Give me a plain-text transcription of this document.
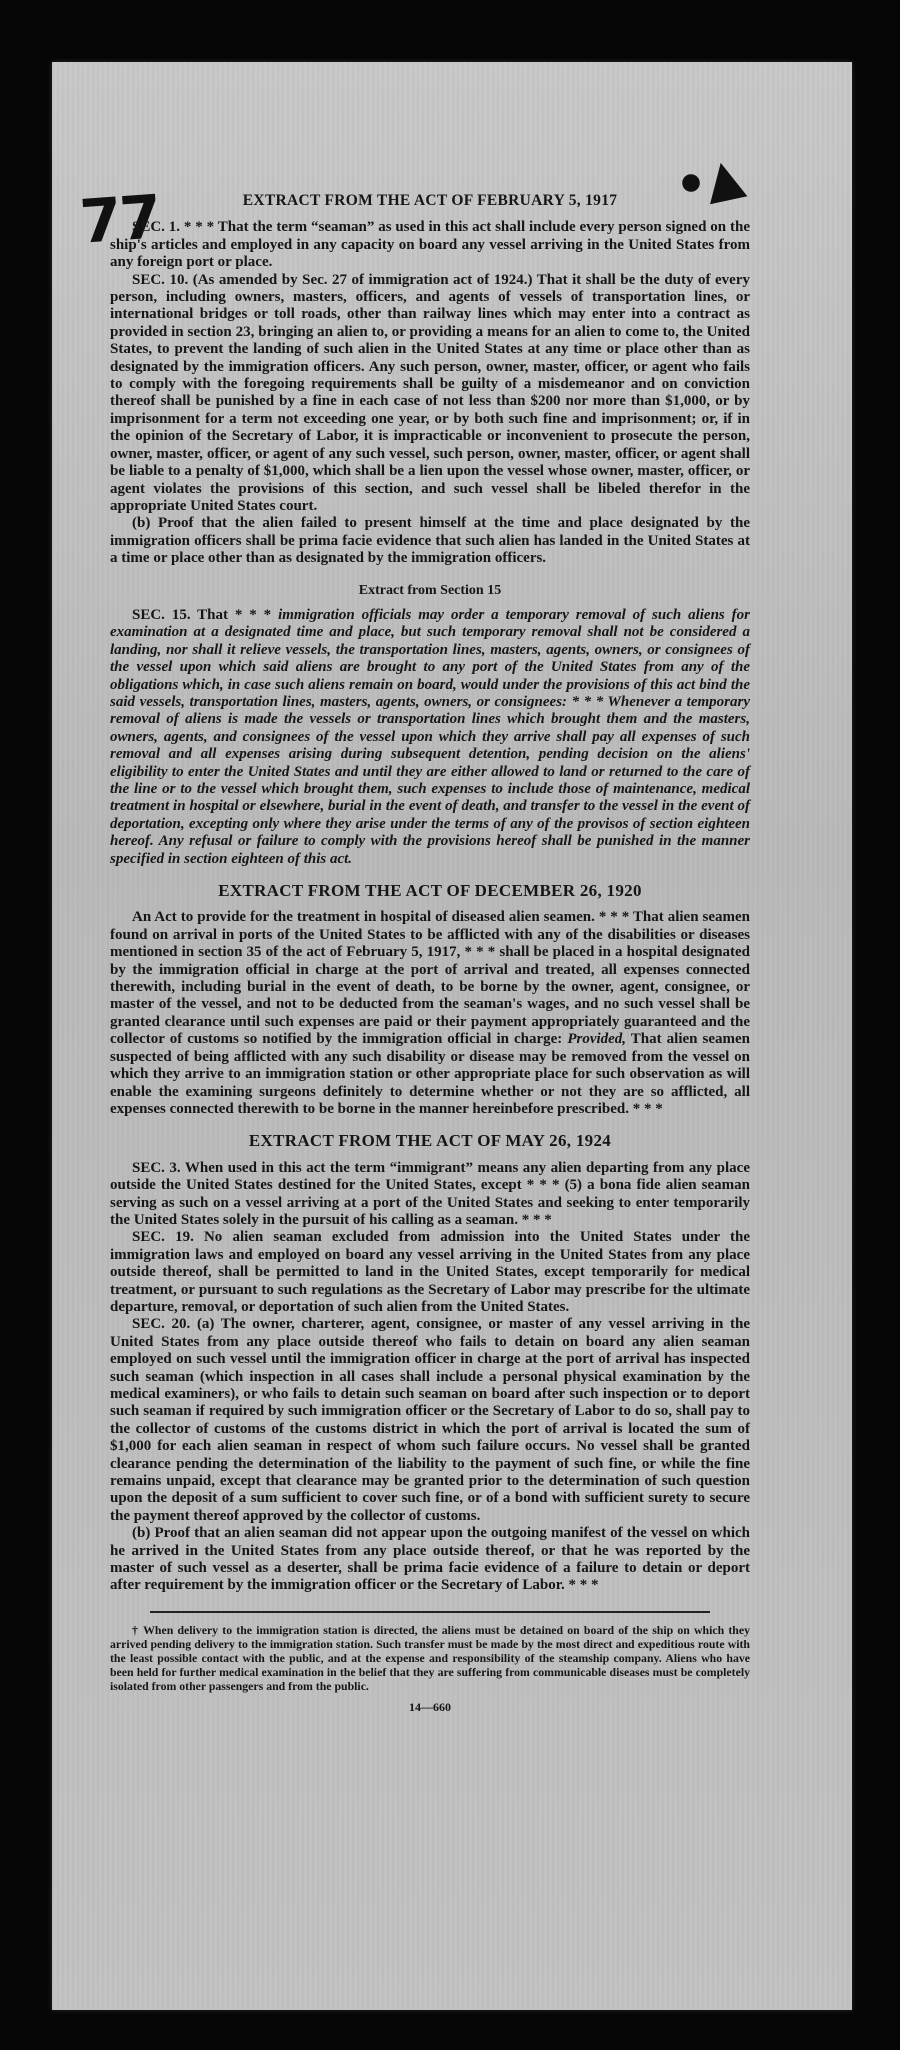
77
•▲
EXTRACT FROM THE ACT OF FEBRUARY 5, 1917

SEC. 1. * * * That the term “seaman” as used in this act shall include every person signed on the ship's articles and employed in any capacity on board any vessel arriving in the United States from any foreign port or place.

SEC. 10. (As amended by Sec. 27 of immigration act of 1924.) That it shall be the duty of every person, including owners, masters, officers, and agents of vessels of transportation lines, or international bridges or toll roads, other than railway lines which may enter into a contract as provided in section 23, bringing an alien to, or providing a means for an alien to come to, the United States, to prevent the landing of such alien in the United States at any time or place other than as designated by the immigration officers. Any such person, owner, master, officer, or agent who fails to comply with the foregoing requirements shall be guilty of a misdemeanor and on conviction thereof shall be punished by a fine in each case of not less than $200 nor more than $1,000, or by imprisonment for a term not exceeding one year, or by both such fine and imprisonment; or, if in the opinion of the Secretary of Labor, it is impracticable or inconvenient to prosecute the person, owner, master, officer, or agent of any such vessel, such person, owner, master, officer, or agent shall be liable to a penalty of $1,000, which shall be a lien upon the vessel whose owner, master, officer, or agent violates the provisions of this section, and such vessel shall be libeled therefor in the appropriate United States court.

(b) Proof that the alien failed to present himself at the time and place designated by the immigration officers shall be prima facie evidence that such alien has landed in the United States at a time or place other than as designated by the immigration officers.

Extract from Section 15

SEC. 15. That * * * immigration officials may order a temporary removal of such aliens for examination at a designated time and place, but such temporary removal shall not be considered a landing, nor shall it relieve vessels, the transportation lines, masters, agents, owners, or consignees of the vessel upon which said aliens are brought to any port of the United States from any of the obligations which, in case such aliens remain on board, would under the provisions of this act bind the said vessels, transportation lines, masters, agents, owners, or consignees: * * * Whenever a temporary removal of aliens is made the vessels or transportation lines which brought them and the masters, owners, agents, and consignees of the vessel upon which they arrive shall pay all expenses of such removal and all expenses arising during subsequent detention, pending decision on the aliens' eligibility to enter the United States and until they are either allowed to land or returned to the care of the line or to the vessel which brought them, such expenses to include those of maintenance, medical treatment in hospital or elsewhere, burial in the event of death, and transfer to the vessel in the event of deportation, excepting only where they arise under the terms of any of the provisos of section eighteen hereof. Any refusal or failure to comply with the provisions hereof shall be punished in the manner specified in section eighteen of this act.

EXTRACT FROM THE ACT OF DECEMBER 26, 1920

An Act to provide for the treatment in hospital of diseased alien seamen. * * * That alien seamen found on arrival in ports of the United States to be afflicted with any of the disabilities or diseases mentioned in section 35 of the act of February 5, 1917, * * * shall be placed in a hospital designated by the immigration official in charge at the port of arrival and treated, all expenses connected therewith, including burial in the event of death, to be borne by the owner, agent, consignee, or master of the vessel, and not to be deducted from the seaman's wages, and no such vessel shall be granted clearance until such expenses are paid or their payment appropriately guaranteed and the collector of customs so notified by the immigration official in charge: Provided, That alien seamen suspected of being afflicted with any such disability or disease may be removed from the vessel on which they arrive to an immigration station or other appropriate place for such observation as will enable the examining surgeons definitely to determine whether or not they are so afflicted, all expenses connected therewith to be borne in the manner hereinbefore prescribed. * * *

EXTRACT FROM THE ACT OF MAY 26, 1924

SEC. 3. When used in this act the term “immigrant” means any alien departing from any place outside the United States destined for the United States, except * * * (5) a bona fide alien seaman serving as such on a vessel arriving at a port of the United States and seeking to enter temporarily the United States solely in the pursuit of his calling as a seaman. * * *

SEC. 19. No alien seaman excluded from admission into the United States under the immigration laws and employed on board any vessel arriving in the United States from any place outside thereof, shall be permitted to land in the United States, except temporarily for medical treatment, or pursuant to such regulations as the Secretary of Labor may prescribe for the ultimate departure, removal, or deportation of such alien from the United States.

SEC. 20. (a) The owner, charterer, agent, consignee, or master of any vessel arriving in the United States from any place outside thereof who fails to detain on board any alien seaman employed on such vessel until the immigration officer in charge at the port of arrival has inspected such seaman (which inspection in all cases shall include a personal physical examination by the medical examiners), or who fails to detain such seaman on board after such inspection or to deport such seaman if required by such immigration officer or the Secretary of Labor to do so, shall pay to the collector of customs of the customs district in which the port of arrival is located the sum of $1,000 for each alien seaman in respect of whom such failure occurs. No vessel shall be granted clearance pending the determination of the liability to the payment of such fine, or while the fine remains unpaid, except that clearance may be granted prior to the determination of such question upon the deposit of a sum sufficient to cover such fine, or of a bond with sufficient surety to secure the payment thereof approved by the collector of customs.

(b) Proof that an alien seaman did not appear upon the outgoing manifest of the vessel on which he arrived in the United States from any place outside thereof, or that he was reported by the master of such vessel as a deserter, shall be prima facie evidence of a failure to detain or deport after requirement by the immigration officer or the Secretary of Labor. * * *

† When delivery to the immigration station is directed, the aliens must be detained on board of the ship on which they arrived pending delivery to the immigration station. Such transfer must be made by the most direct and expeditious route with the least possible contact with the public, and at the expense and responsibility of the steamship company. Aliens who have been held for further medical examination in the belief that they are suffering from communicable diseases must be completely isolated from other passengers and from the public.

14—660
